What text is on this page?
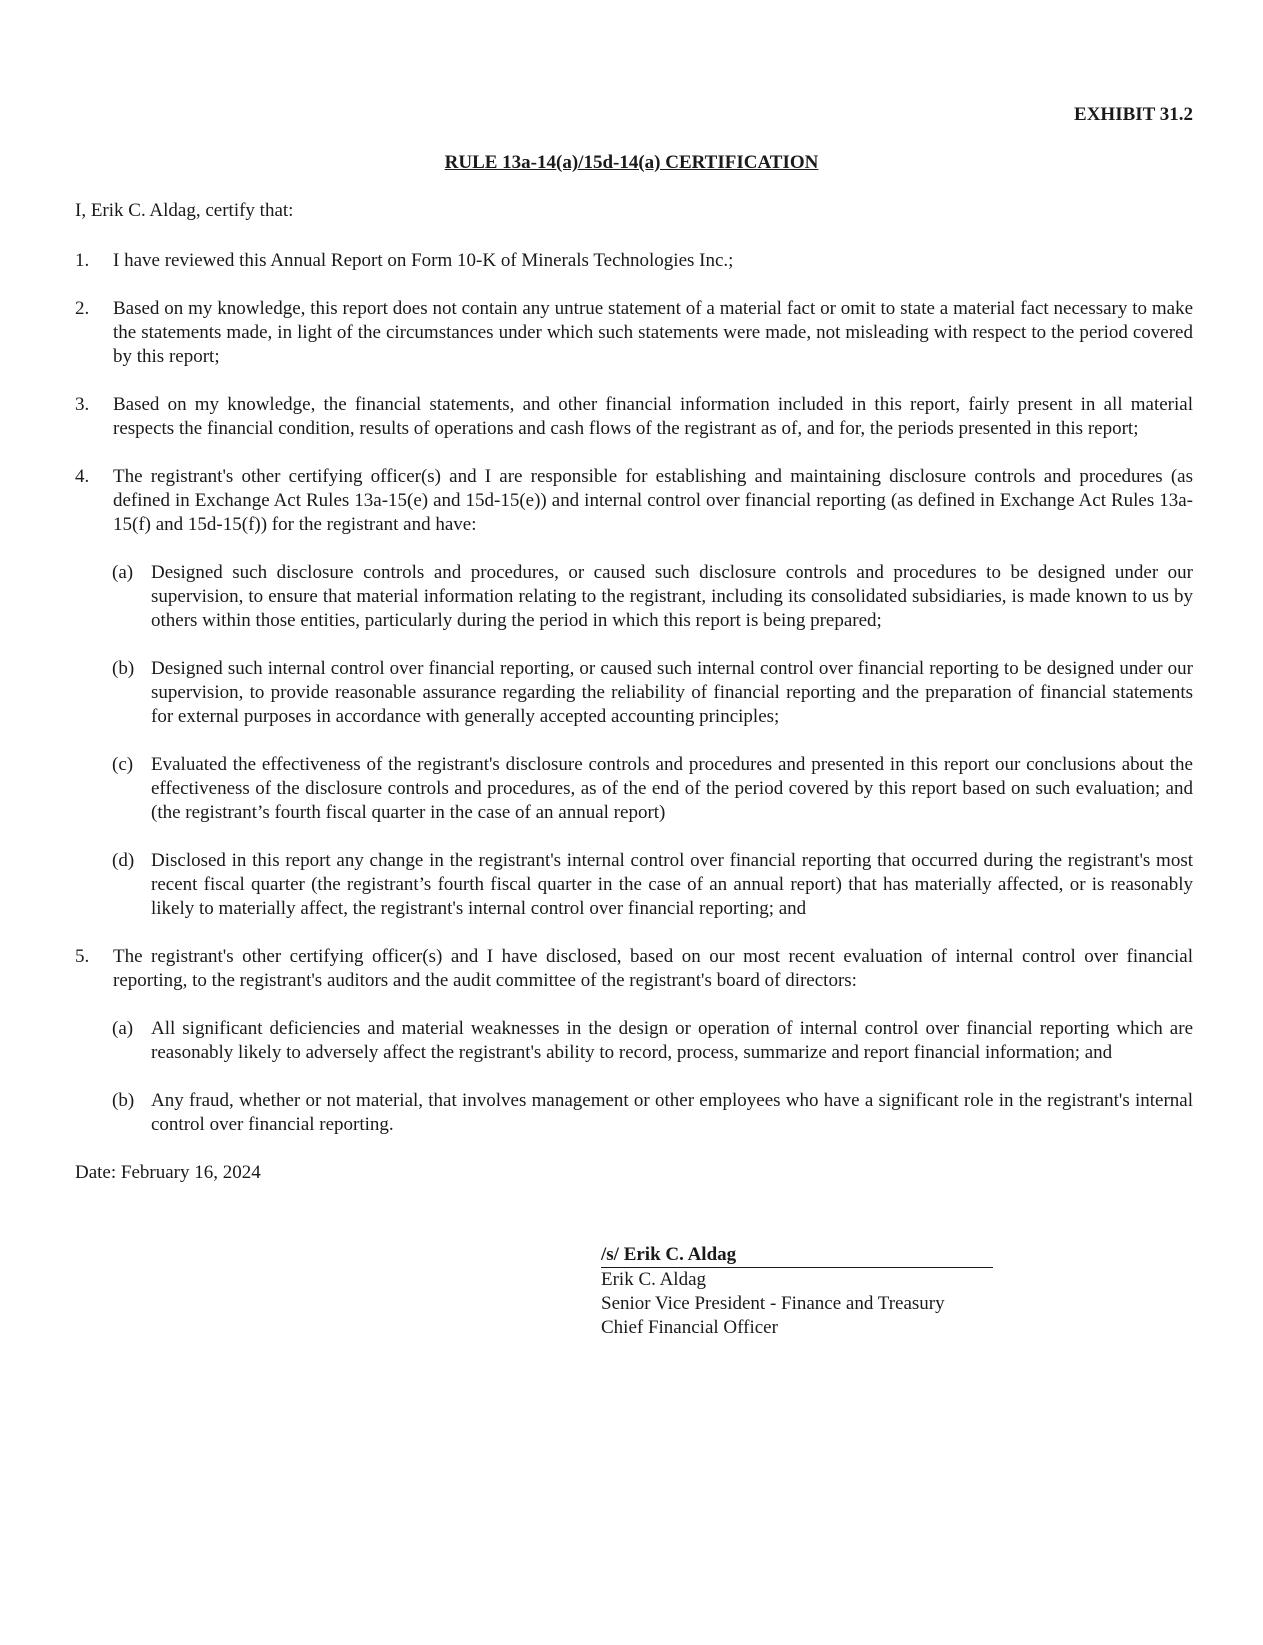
EXHIBIT 31.2
RULE 13a-14(a)/15d-14(a) CERTIFICATION

I, Erik C. Aldag, certify that:

1. I have reviewed this Annual Report on Form 10-K of Minerals Technologies Inc.;
2. Based on my knowledge, this report does not contain any untrue statement of a material fact or omit to state a material fact necessary to make the statements made, in light of the circumstances under which such statements were made, not misleading with respect to the period covered by this report;
3. Based on my knowledge, the financial statements, and other financial information included in this report, fairly present in all material respects the financial condition, results of operations and cash flows of the registrant as of, and for, the periods presented in this report;
4. The registrant's other certifying officer(s) and I are responsible for establishing and maintaining disclosure controls and procedures (as defined in Exchange Act Rules 13a-15(e) and 15d-15(e)) and internal control over financial reporting (as defined in Exchange Act Rules 13a-15(f) and 15d-15(f)) for the registrant and have:
(a) Designed such disclosure controls and procedures, or caused such disclosure controls and procedures to be designed under our supervision, to ensure that material information relating to the registrant, including its consolidated subsidiaries, is made known to us by others within those entities, particularly during the period in which this report is being prepared;
(b) Designed such internal control over financial reporting, or caused such internal control over financial reporting to be designed under our supervision, to provide reasonable assurance regarding the reliability of financial reporting and the preparation of financial statements for external purposes in accordance with generally accepted accounting principles;
(c) Evaluated the effectiveness of the registrant's disclosure controls and procedures and presented in this report our conclusions about the effectiveness of the disclosure controls and procedures, as of the end of the period covered by this report based on such evaluation; and (the registrant’s fourth fiscal quarter in the case of an annual report)
(d) Disclosed in this report any change in the registrant's internal control over financial reporting that occurred during the registrant's most recent fiscal quarter (the registrant’s fourth fiscal quarter in the case of an annual report) that has materially affected, or is reasonably likely to materially affect, the registrant's internal control over financial reporting; and
5. The registrant's other certifying officer(s) and I have disclosed, based on our most recent evaluation of internal control over financial reporting, to the registrant's auditors and the audit committee of the registrant's board of directors:
(a) All significant deficiencies and material weaknesses in the design or operation of internal control over financial reporting which are reasonably likely to adversely affect the registrant's ability to record, process, summarize and report financial information; and
(b) Any fraud, whether or not material, that involves management or other employees who have a significant role in the registrant's internal control over financial reporting.

Date: February 16, 2024

/s/ Erik C. Aldag
Erik C. Aldag
Senior Vice President - Finance and Treasury
Chief Financial Officer
